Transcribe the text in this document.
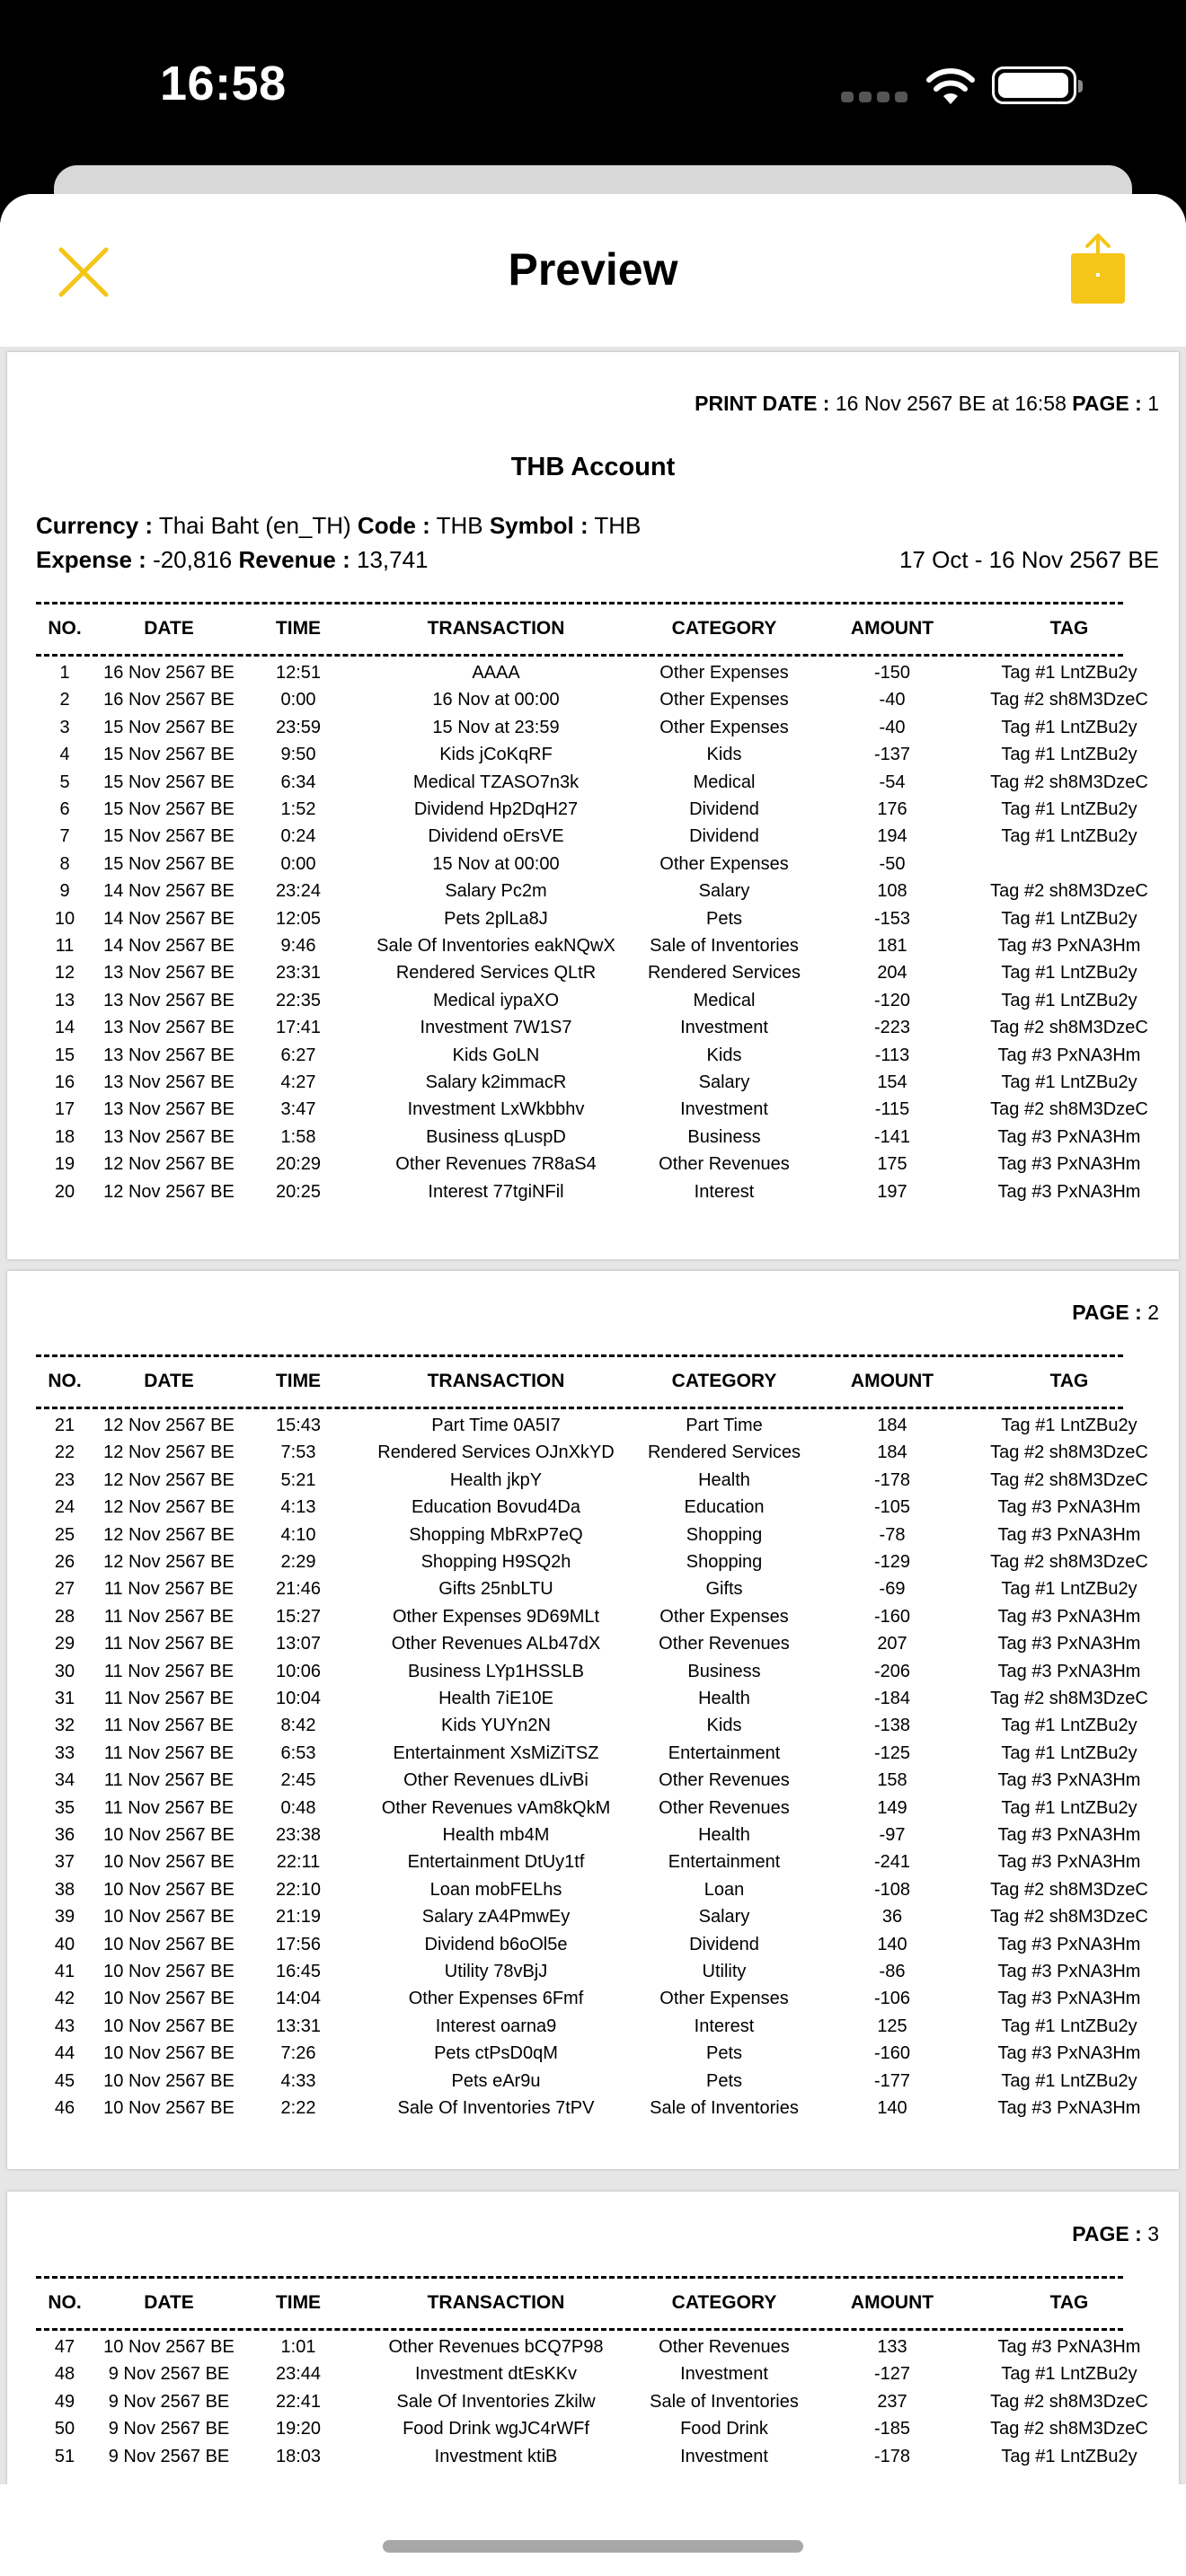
16:58
Preview
PRINT DATE : 16 Nov 2567 BE at 16:58 PAGE : 1
THB Account
Currency : Thai Baht (en_TH) Code : THB Symbol : THB
Expense : -20,816 Revenue : 13,741	17 Oct - 16 Nov 2567 BE
NO.	DATE	TIME	TRANSACTION	CATEGORY	AMOUNT	TAG
1	16 Nov 2567 BE	12:51	AAAA	Other Expenses	-150	Tag #1 LntZBu2y
2	16 Nov 2567 BE	0:00	16 Nov at 00:00	Other Expenses	-40	Tag #2 sh8M3DzeC
3	15 Nov 2567 BE	23:59	15 Nov at 23:59	Other Expenses	-40	Tag #1 LntZBu2y
4	15 Nov 2567 BE	9:50	Kids jCoKqRF	Kids	-137	Tag #1 LntZBu2y
5	15 Nov 2567 BE	6:34	Medical TZASO7n3k	Medical	-54	Tag #2 sh8M3DzeC
6	15 Nov 2567 BE	1:52	Dividend Hp2DqH27	Dividend	176	Tag #1 LntZBu2y
7	15 Nov 2567 BE	0:24	Dividend oErsVE	Dividend	194	Tag #1 LntZBu2y
8	15 Nov 2567 BE	0:00	15 Nov at 00:00	Other Expenses	-50
9	14 Nov 2567 BE	23:24	Salary Pc2m	Salary	108	Tag #2 sh8M3DzeC
10	14 Nov 2567 BE	12:05	Pets 2plLa8J	Pets	-153	Tag #1 LntZBu2y
11	14 Nov 2567 BE	9:46	Sale Of Inventories eakNQwX	Sale of Inventories	181	Tag #3 PxNA3Hm
12	13 Nov 2567 BE	23:31	Rendered Services QLtR	Rendered Services	204	Tag #1 LntZBu2y
13	13 Nov 2567 BE	22:35	Medical iypaXO	Medical	-120	Tag #1 LntZBu2y
14	13 Nov 2567 BE	17:41	Investment 7W1S7	Investment	-223	Tag #2 sh8M3DzeC
15	13 Nov 2567 BE	6:27	Kids GoLN	Kids	-113	Tag #3 PxNA3Hm
16	13 Nov 2567 BE	4:27	Salary k2immacR	Salary	154	Tag #1 LntZBu2y
17	13 Nov 2567 BE	3:47	Investment LxWkbbhv	Investment	-115	Tag #2 sh8M3DzeC
18	13 Nov 2567 BE	1:58	Business qLuspD	Business	-141	Tag #3 PxNA3Hm
19	12 Nov 2567 BE	20:29	Other Revenues 7R8aS4	Other Revenues	175	Tag #3 PxNA3Hm
20	12 Nov 2567 BE	20:25	Interest 77tgiNFil	Interest	197	Tag #3 PxNA3Hm
PAGE : 2
NO.	DATE	TIME	TRANSACTION	CATEGORY	AMOUNT	TAG
21	12 Nov 2567 BE	15:43	Part Time 0A5I7	Part Time	184	Tag #1 LntZBu2y
22	12 Nov 2567 BE	7:53	Rendered Services OJnXkYD	Rendered Services	184	Tag #2 sh8M3DzeC
23	12 Nov 2567 BE	5:21	Health jkpY	Health	-178	Tag #2 sh8M3DzeC
24	12 Nov 2567 BE	4:13	Education Bovud4Da	Education	-105	Tag #3 PxNA3Hm
25	12 Nov 2567 BE	4:10	Shopping MbRxP7eQ	Shopping	-78	Tag #3 PxNA3Hm
26	12 Nov 2567 BE	2:29	Shopping H9SQ2h	Shopping	-129	Tag #2 sh8M3DzeC
27	11 Nov 2567 BE	21:46	Gifts 25nbLTU	Gifts	-69	Tag #1 LntZBu2y
28	11 Nov 2567 BE	15:27	Other Expenses 9D69MLt	Other Expenses	-160	Tag #3 PxNA3Hm
29	11 Nov 2567 BE	13:07	Other Revenues ALb47dX	Other Revenues	207	Tag #3 PxNA3Hm
30	11 Nov 2567 BE	10:06	Business LYp1HSSLB	Business	-206	Tag #3 PxNA3Hm
31	11 Nov 2567 BE	10:04	Health 7iE10E	Health	-184	Tag #2 sh8M3DzeC
32	11 Nov 2567 BE	8:42	Kids YUYn2N	Kids	-138	Tag #1 LntZBu2y
33	11 Nov 2567 BE	6:53	Entertainment XsMiZiTSZ	Entertainment	-125	Tag #1 LntZBu2y
34	11 Nov 2567 BE	2:45	Other Revenues dLivBi	Other Revenues	158	Tag #3 PxNA3Hm
35	11 Nov 2567 BE	0:48	Other Revenues vAm8kQkM	Other Revenues	149	Tag #1 LntZBu2y
36	10 Nov 2567 BE	23:38	Health mb4M	Health	-97	Tag #3 PxNA3Hm
37	10 Nov 2567 BE	22:11	Entertainment DtUy1tf	Entertainment	-241	Tag #3 PxNA3Hm
38	10 Nov 2567 BE	22:10	Loan mobFELhs	Loan	-108	Tag #2 sh8M3DzeC
39	10 Nov 2567 BE	21:19	Salary zA4PmwEy	Salary	36	Tag #2 sh8M3DzeC
40	10 Nov 2567 BE	17:56	Dividend b6oOl5e	Dividend	140	Tag #3 PxNA3Hm
41	10 Nov 2567 BE	16:45	Utility 78vBjJ	Utility	-86	Tag #3 PxNA3Hm
42	10 Nov 2567 BE	14:04	Other Expenses 6Fmf	Other Expenses	-106	Tag #3 PxNA3Hm
43	10 Nov 2567 BE	13:31	Interest oarna9	Interest	125	Tag #1 LntZBu2y
44	10 Nov 2567 BE	7:26	Pets ctPsD0qM	Pets	-160	Tag #3 PxNA3Hm
45	10 Nov 2567 BE	4:33	Pets eAr9u	Pets	-177	Tag #1 LntZBu2y
46	10 Nov 2567 BE	2:22	Sale Of Inventories 7tPV	Sale of Inventories	140	Tag #3 PxNA3Hm
PAGE : 3
NO.	DATE	TIME	TRANSACTION	CATEGORY	AMOUNT	TAG
47	10 Nov 2567 BE	1:01	Other Revenues bCQ7P98	Other Revenues	133	Tag #3 PxNA3Hm
48	9 Nov 2567 BE	23:44	Investment dtEsKKv	Investment	-127	Tag #1 LntZBu2y
49	9 Nov 2567 BE	22:41	Sale Of Inventories Zkilw	Sale of Inventories	237	Tag #2 sh8M3DzeC
50	9 Nov 2567 BE	19:20	Food Drink wgJC4rWFf	Food Drink	-185	Tag #2 sh8M3DzeC
51	9 Nov 2567 BE	18:03	Investment ktiB	Investment	-178	Tag #1 LntZBu2y
